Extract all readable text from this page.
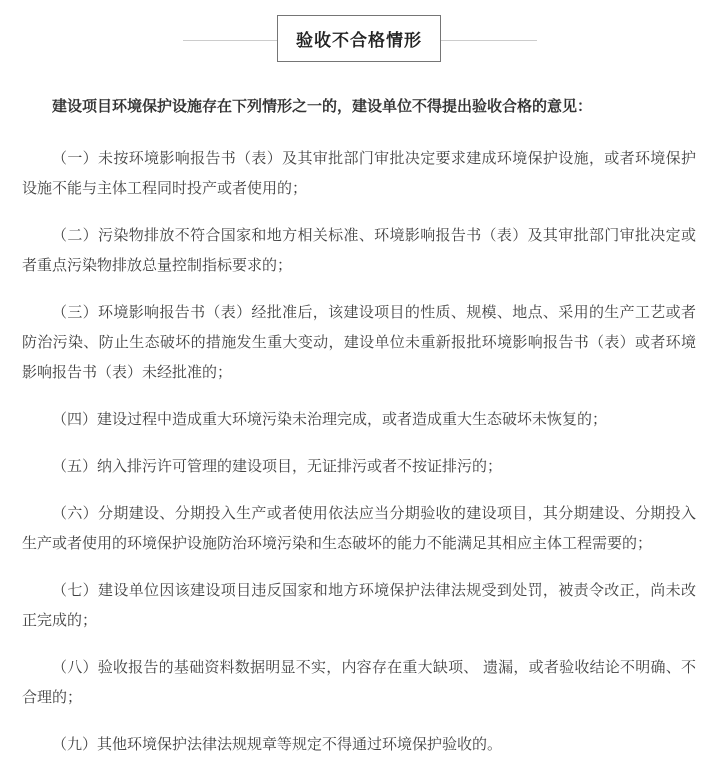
验收不合格情形

建设项目环境保护设施存在下列情形之一的，建设单位不得提出验收合格的意见：

（一）未按环境影响报告书（表）及其审批部门审批决定要求建成环境保护设施，或者环境保护设施不能与主体工程同时投产或者使用的；

（二）污染物排放不符合国家和地方相关标准、环境影响报告书（表）及其审批部门审批决定或者重点污染物排放总量控制指标要求的；

（三）环境影响报告书（表）经批准后，该建设项目的性质、规模、地点、采用的生产工艺或者防治污染、防止生态破坏的措施发生重大变动，建设单位未重新报批环境影响报告书（表）或者环境影响报告书（表）未经批准的；

（四）建设过程中造成重大环境污染未治理完成，或者造成重大生态破坏未恢复的；

（五）纳入排污许可管理的建设项目，无证排污或者不按证排污的；

（六）分期建设、分期投入生产或者使用依法应当分期验收的建设项目，其分期建设、分期投入生产或者使用的环境保护设施防治环境污染和生态破坏的能力不能满足其相应主体工程需要的；

（七）建设单位因该建设项目违反国家和地方环境保护法律法规受到处罚，被责令改正，尚未改正完成的；

（八）验收报告的基础资料数据明显不实，内容存在重大缺项、 遗漏，或者验收结论不明确、不合理的；

（九）其他环境保护法律法规规章等规定不得通过环境保护验收的。
